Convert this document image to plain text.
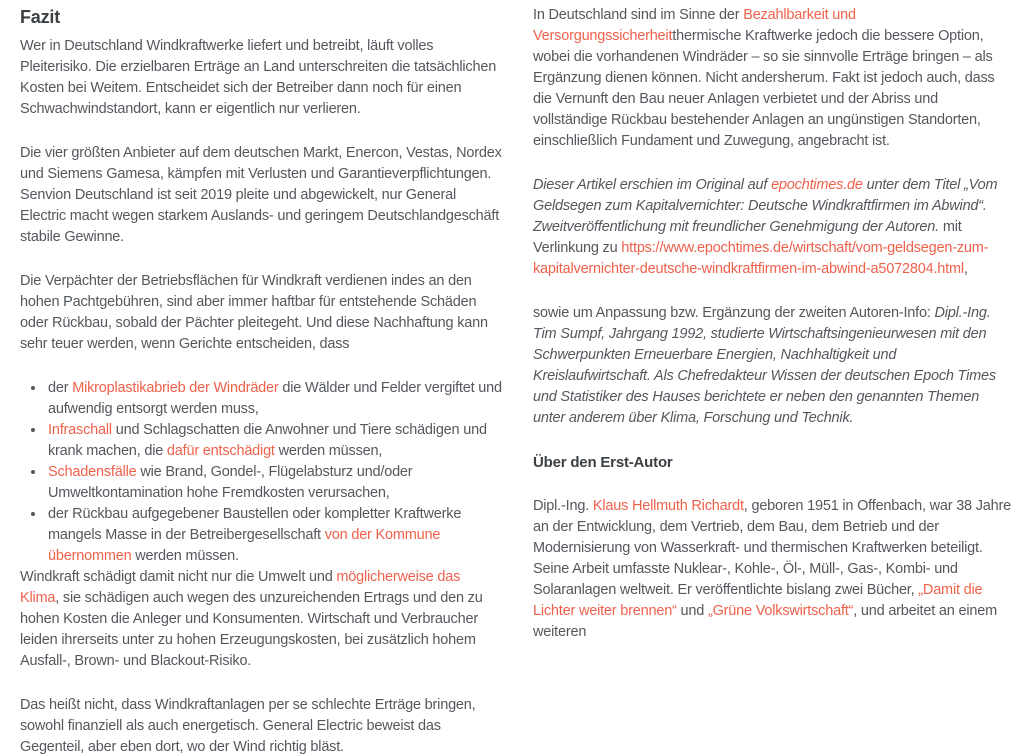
Fazit

Wer in Deutschland Windkraftwerke liefert und betreibt, läuft volles Pleiterisiko. Die erzielbaren Erträge an Land unterschreiten die tatsächlichen Kosten bei Weitem. Entscheidet sich der Betreiber dann noch für einen Schwachwindstandort, kann er eigentlich nur verlieren.

Die vier größten Anbieter auf dem deutschen Markt, Enercon, Vestas, Nordex und Siemens Gamesa, kämpfen mit Verlusten und Garantieverpflichtungen. Senvion Deutschland ist seit 2019 pleite und abgewickelt, nur General Electric macht wegen starkem Auslands- und geringem Deutschlandgeschäft stabile Gewinne.

Die Verpächter der Betriebsflächen für Windkraft verdienen indes an den hohen Pachtgebühren, sind aber immer haftbar für entstehende Schäden oder Rückbau, sobald der Pächter pleitegeht. Und diese Nachhaftung kann sehr teuer werden, wenn Gerichte entscheiden, dass

• der Mikroplastikabrieb der Windräder die Wälder und Felder vergiftet und aufwendig entsorgt werden muss,
• Infraschall und Schlagschatten die Anwohner und Tiere schädigen und krank machen, die dafür entschädigt werden müssen,
• Schadensfälle wie Brand, Gondel-, Flügelabsturz und/oder Umweltkontamination hohe Fremdkosten verursachen,
• der Rückbau aufgegebener Baustellen oder kompletter Kraftwerke mangels Masse in der Betreibergesellschaft von der Kommune übernommen werden müssen.

Windkraft schädigt damit nicht nur die Umwelt und möglicherweise das Klima, sie schädigen auch wegen des unzureichenden Ertrags und den zu hohen Kosten die Anleger und Konsumenten. Wirtschaft und Verbraucher leiden ihrerseits unter zu hohen Erzeugungskosten, bei zusätzlich hohem Ausfall-, Brown- und Blackout-Risiko.

Das heißt nicht, dass Windkraftanlagen per se schlechte Erträge bringen, sowohl finanziell als auch energetisch. General Electric beweist das Gegenteil, aber eben dort, wo der Wind richtig bläst.

In Deutschland sind im Sinne der Bezahlbarkeit und Versorgungssicherheitthermische Kraftwerke jedoch die bessere Option, wobei die vorhandenen Windräder – so sie sinnvolle Erträge bringen – als Ergänzung dienen können. Nicht andersherum. Fakt ist jedoch auch, dass die Vernunft den Bau neuer Anlagen verbietet und der Abriss und vollständige Rückbau bestehender Anlagen an ungünstigen Standorten, einschließlich Fundament und Zuwegung, angebracht ist.

Dieser Artikel erschien im Original auf epochtimes.de unter dem Titel „Vom Geldsegen zum Kapitalvernichter: Deutsche Windkraftfirmen im Abwind“. Zweitveröffentlichung mit freundlicher Genehmigung der Autoren. mit Verlinkung zu https://www.epochtimes.de/wirtschaft/vom-geldsegen-zum-kapitalvernichter-deutsche-windkraftfirmen-im-abwind-a5072804.html,

sowie um Anpassung bzw. Ergänzung der zweiten Autoren-Info: Dipl.-Ing. Tim Sumpf, Jahrgang 1992, studierte Wirtschaftsingenieurwesen mit den Schwerpunkten Erneuerbare Energien, Nachhaltigkeit und Kreislaufwirtschaft. Als Chefredakteur Wissen der deutschen Epoch Times und Statistiker des Hauses berichtete er neben den genannten Themen unter anderem über Klima, Forschung und Technik.

Über den Erst-Autor

Dipl.-Ing. Klaus Hellmuth Richardt, geboren 1951 in Offenbach, war 38 Jahre an der Entwicklung, dem Vertrieb, dem Bau, dem Betrieb und der Modernisierung von Wasserkraft- und thermischen Kraftwerken beteiligt. Seine Arbeit umfasste Nuklear-, Kohle-, Öl-, Müll-, Gas-, Kombi- und Solaranlagen weltweit. Er veröffentlichte bislang zwei Bücher, „Damit die Lichter weiter brennen“ und „Grüne Volkswirtschaft“, und arbeitet an einem weiteren
